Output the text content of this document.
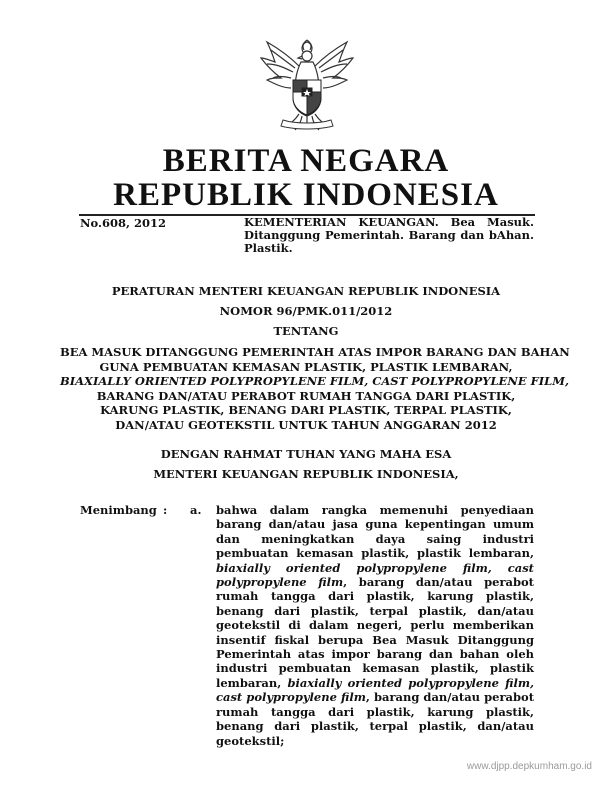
BERITA NEGARA
REPUBLIK INDONESIA
No.608, 2012	KEMENTERIAN KEUANGAN. Bea Masuk. Ditanggung Pemerintah. Barang dan bAhan. Plastik.
PERATURAN MENTERI KEUANGAN REPUBLIK INDONESIA
NOMOR 96/PMK.011/2012
TENTANG
BEA MASUK DITANGGUNG PEMERINTAH ATAS IMPOR BARANG DAN BAHAN
GUNA PEMBUATAN KEMASAN PLASTIK, PLASTIK LEMBARAN,
BIAXIALLY ORIENTED POLYPROPYLENE FILM, CAST POLYPROPYLENE FILM,
BARANG DAN/ATAU PERABOT RUMAH TANGGA DARI PLASTIK,
KARUNG PLASTIK, BENANG DARI PLASTIK, TERPAL PLASTIK,
DAN/ATAU GEOTEKSTIL UNTUK TAHUN ANGGARAN 2012
DENGAN RAHMAT TUHAN YANG MAHA ESA
MENTERI KEUANGAN REPUBLIK INDONESIA,
Menimbang : a. bahwa dalam rangka memenuhi penyediaan barang dan/atau jasa guna kepentingan umum dan meningkatkan daya saing industri pembuatan kemasan plastik, plastik lembaran, biaxially oriented polypropylene film, cast polypropylene film, barang dan/atau perabot rumah tangga dari plastik, karung plastik, benang dari plastik, terpal plastik, dan/atau geotekstil di dalam negeri, perlu memberikan insentif fiskal berupa Bea Masuk Ditanggung Pemerintah atas impor barang dan bahan oleh industri pembuatan kemasan plastik, plastik lembaran, biaxially oriented polypropylene film, cast polypropylene film, barang dan/atau perabot rumah tangga dari plastik, karung plastik, benang dari plastik, terpal plastik, dan/atau geotekstil;
www.djpp.depkumham.go.id
